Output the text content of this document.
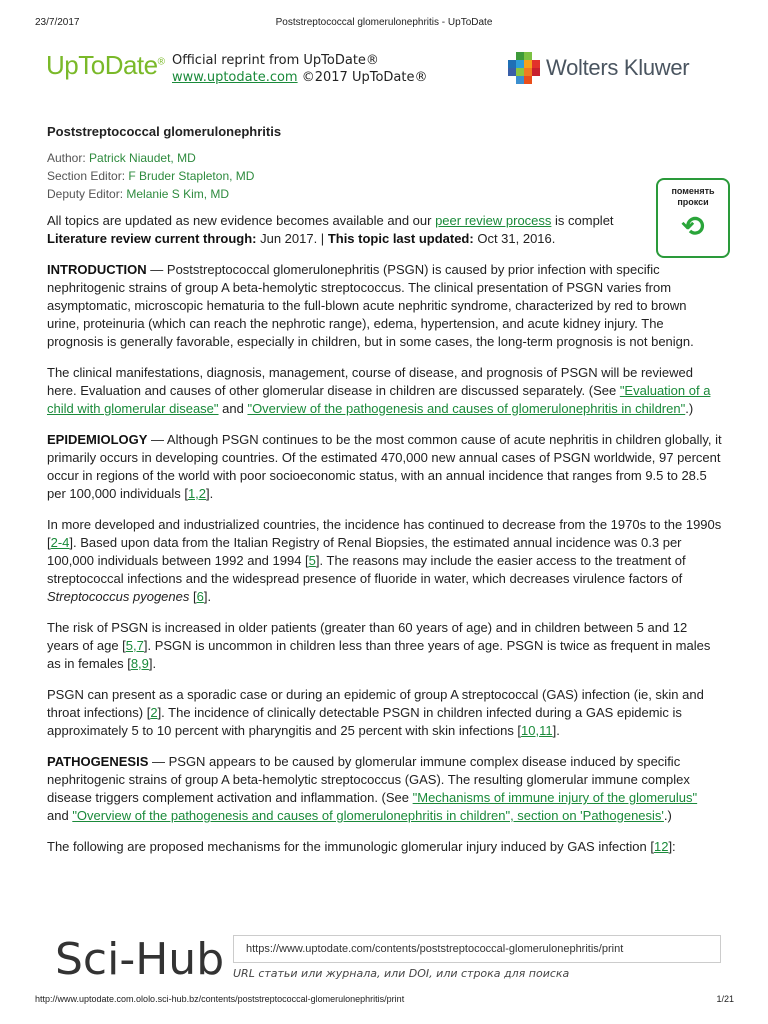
23/7/2017	Poststreptococcal glomerulonephritis - UpToDate
UpToDate® Official reprint from UpToDate®
www.uptodate.com ©2017 UpToDate®	Wolters Kluwer
Poststreptococcal glomerulonephritis
Author: Patrick Niaudet, MD
Section Editor: F Bruder Stapleton, MD
Deputy Editor: Melanie S Kim, MD	поменять
прокси
⟲

All topics are updated as new evidence becomes available and our peer review process is complet
Literature review current through: Jun 2017. | This topic last updated: Oct 31, 2016.

INTRODUCTION — Poststreptococcal glomerulonephritis (PSGN) is caused by prior infection with specific nephritogenic strains of group A beta-hemolytic streptococcus. The clinical presentation of PSGN varies from asymptomatic, microscopic hematuria to the full-blown acute nephritic syndrome, characterized by red to brown urine, proteinuria (which can reach the nephrotic range), edema, hypertension, and acute kidney injury. The prognosis is generally favorable, especially in children, but in some cases, the long-term prognosis is not benign.

The clinical manifestations, diagnosis, management, course of disease, and prognosis of PSGN will be reviewed here. Evaluation and causes of other glomerular disease in children are discussed separately. (See "Evaluation of a child with glomerular disease" and "Overview of the pathogenesis and causes of glomerulonephritis in children".)

EPIDEMIOLOGY — Although PSGN continues to be the most common cause of acute nephritis in children globally, it primarily occurs in developing countries. Of the estimated 470,000 new annual cases of PSGN worldwide, 97 percent occur in regions of the world with poor socioeconomic status, with an annual incidence that ranges from 9.5 to 28.5 per 100,000 individuals [1,2].

In more developed and industrialized countries, the incidence has continued to decrease from the 1970s to the 1990s [2-4]. Based upon data from the Italian Registry of Renal Biopsies, the estimated annual incidence was 0.3 per 100,000 individuals between 1992 and 1994 [5]. The reasons may include the easier access to the treatment of streptococcal infections and the widespread presence of fluoride in water, which decreases virulence factors of Streptococcus pyogenes [6].

The risk of PSGN is increased in older patients (greater than 60 years of age) and in children between 5 and 12 years of age [5,7]. PSGN is uncommon in children less than three years of age. PSGN is twice as frequent in males as in females [8,9].

PSGN can present as a sporadic case or during an epidemic of group A streptococcal (GAS) infection (ie, skin and throat infections) [2]. The incidence of clinically detectable PSGN in children infected during a GAS epidemic is approximately 5 to 10 percent with pharyngitis and 25 percent with skin infections [10,11].

PATHOGENESIS — PSGN appears to be caused by glomerular immune complex disease induced by specific nephritogenic strains of group A beta-hemolytic streptococcus (GAS). The resulting glomerular immune complex disease triggers complement activation and inflammation. (See "Mechanisms of immune injury of the glomerulus" and "Overview of the pathogenesis and causes of glomerulonephritis in children", section on 'Pathogenesis'.)

The following are proposed mechanisms for the immunologic glomerular injury induced by GAS infection [12]:

Sci-Hub	https://www.uptodate.com/contents/poststreptococcal-glomerulonephritis/print
URL статьи или журнала, или DOI, или строка для поиска
http://www.uptodate.com.ololo.sci-hub.bz/contents/poststreptococcal-glomerulonephritis/print	1/21
